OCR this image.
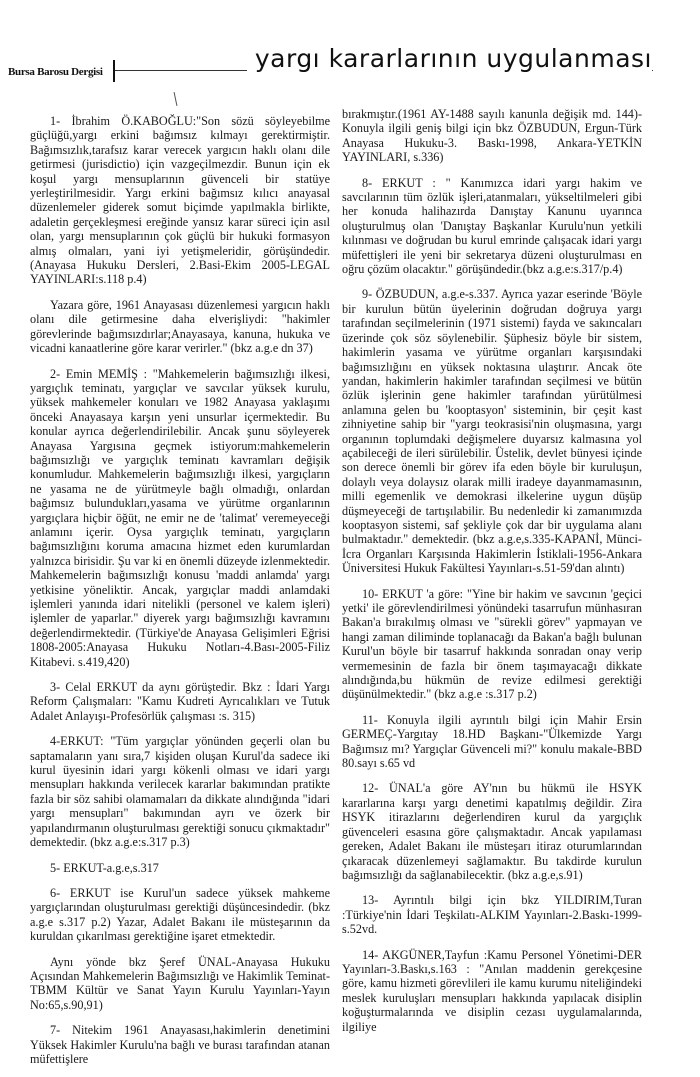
Bursa Barosu Dergisi	yargı kararlarının uygulanması

1- İbrahim Ö.KABOĞLU:"Son sözü söyleyebilme güçlüğü,yargı erkini bağımsız kılmayı gerektirmiştir. Bağımsızlık,tarafsız karar verecek yargıcın haklı olanı dile getirmesi (jurisdictio) için vazgeçilmezdir. Bunun için ek koşul yargı mensuplarının güvenceli bir statüye yerleştirilmesidir. Yargı erkini bağımsız kılıcı anayasal düzenlemeler giderek somut biçimde yapılmakla birlikte, adaletin gerçekleşmesi ereğinde yansız karar süreci için asıl olan, yargı mensuplarının çok güçlü bir hukuki formasyon almış olmaları, yani iyi yetişmeleridir, görüşündedir.(Anayasa Hukuku Dersleri, 2.Basi-Ekim 2005-LEGAL YAYINLARI:s.118 p.4)

Yazara göre, 1961 Anayasası düzenlemesi yargıcın haklı olanı dile getirmesine daha elverişliydi: "hakimler görevlerinde bağımsızdırlar;Anayasaya, kanuna, hukuka ve vicadni kanaatlerine göre karar verirler." (bkz a.g.e dn 37)

2- Emin MEMİŞ : "Mahkemelerin bağımsızlığı ilkesi, yargıçlık teminatı, yargıçlar ve savcılar yüksek kurulu, yüksek mahkemeler konuları ve 1982 Anayasa yaklaşımı önceki Anayasaya karşın yeni unsurlar içermektedir. Bu konular ayrıca değerlendirilebilir. Ancak şunu söyleyerek Anayasa Yargısına geçmek istiyorum:mahkemelerin bağımsızlığı ve yargıçlık teminatı kavramları değişik konumludur. Mahkemelerin bağımsızlığı ilkesi, yargıçların ne yasama ne de yürütmeyle bağlı olmadığı, onlardan bağımsız bulundukları,yasama ve yürütme organlarının yargıçlara hiçbir öğüt, ne emir ne de 'talimat' veremeyeceği anlamını içerir. Oysa yargıçlık teminatı, yargıçların bağımsızlığını koruma amacına hizmet eden kurumlardan yalnızca birisidir. Şu var ki en önemli düzeyde izlenmektedir. Mahkemelerin bağımsızlığı konusu 'maddi anlamda' yargı yetkisine yöneliktir. Ancak, yargıçlar maddi anlamdaki işlemleri yanında idari nitelikli (personel ve kalem işleri) işlemler de yaparlar." diyerek yargı bağımsızlığı kavramını değerlendirmektedir. (Türkiye'de Anayasa Gelişimleri Eğrisi 1808-2005:Anayasa Hukuku Notları-4.Bası-2005-Filiz Kitabevi. s.419,420)

3- Celal ERKUT da aynı görüştedir. Bkz : İdari Yargı Reform Çalışmaları: "Kamu Kudreti Ayrıcalıkları ve Tutuk Adalet Anlayışı-Profesörlük çalışması :s. 315)

4-ERKUT: "Tüm yargıçlar yönünden geçerli olan bu saptamaların yanı sıra,7 kişiden oluşan Kurul'da sadece iki kurul üyesinin idari yargı kökenli olması ve idari yargı mensupları hakkında verilecek kararlar bakımından pratikte fazla bir söz sahibi olamamaları da dikkate alındığında "idari yargı mensupları" bakımından ayrı ve özerk bir yapılandırmanın oluşturulması gerektiği sonucu çıkmaktadır" demektedir. (bkz a.g.e:s.317 p.3)

5- ERKUT-a.g.e,s.317

6- ERKUT ise Kurul'un sadece yüksek mahkeme yargıçlarından oluşturulması gerektiği düşüncesindedir. (bkz a.g.e s.317 p.2) Yazar, Adalet Bakanı ile müsteşarının da kuruldan çıkarılması gerektiğine işaret etmektedir.

Aynı yönde bkz Şeref ÜNAL-Anayasa Hukuku Açısından Mahkemelerin Bağımsızlığı ve Hakimlik Teminat-TBMM Kültür ve Sanat Yayın Kurulu Yayınları-Yayın No:65,s.90,91)

7- Nitekim 1961 Anayasası,hakimlerin denetimini Yüksek Hakimler Kurulu'na bağlı ve burası tarafından atanan müfettişlere

bırakmıştır.(1961 AY-1488 sayılı kanunla değişik md. 144)-Konuyla ilgili geniş bilgi için bkz ÖZBUDUN, Ergun-Türk Anayasa Hukuku-3. Baskı-1998, Ankara-YETKİN YAYINLARI, s.336)

8- ERKUT : " Kanımızca idari yargı hakim ve savcılarının tüm özlük işleri,atanmaları, yükseltilmeleri gibi her konuda halihazırda Danıştay Kanunu uyarınca oluşturulmuş olan 'Danıştay Başkanlar Kurulu'nun yetkili kılınması ve doğrudan bu kurul emrinde çalışacak idari yargı müfettişleri ile yeni bir sekretarya düzeni oluşturulması en oğru çözüm olacaktır." görüşündedir.(bkz a.g.e:s.317/p.4)

9- ÖZBUDUN, a.g.e-s.337. Ayrıca yazar eserinde 'Böyle bir kurulun bütün üyelerinin doğrudan doğruya yargı tarafından seçilmelerinin (1971 sistemi) fayda ve sakıncaları üzerinde çok söz söylenebilir. Şüphesiz böyle bir sistem, hakimlerin yasama ve yürütme organları karşısındaki bağımsızlığını en yüksek noktasına ulaştırır. Ancak öte yandan, hakimlerin hakimler tarafından seçilmesi ve bütün özlük işlerinin gene hakimler tarafından yürütülmesi anlamına gelen bu 'kooptasyon' sisteminin, bir çeşit kast zihniyetine sahip bir "yargı teokrasisi'nin oluşmasına, yargı organının toplumdaki değişmelere duyarsız kalmasına yol açabileceği de ileri sürülebilir. Üstelik, devlet bünyesi içinde son derece önemli bir görev ifa eden böyle bir kuruluşun, dolaylı veya dolaysız olarak milli iradeye dayanmamasının, milli egemenlik ve demokrasi ilkelerine uygun düşüp düşmeyeceği de tartışılabilir. Bu nedenledir ki zamanımızda kooptasyon sistemi, saf şekliyle çok dar bir uygulama alanı bulmaktadır." demektedir. (bkz a.g.e,s.335-KAPANİ, Münci-İcra Organları Karşısında Hakimlerin İstiklali-1956-Ankara Üniversitesi Hukuk Fakültesi Yayınları-s.51-59'dan alıntı)

10- ERKUT 'a göre: "Yine bir hakim ve savcının 'geçici yetki' ile görevlendirilmesi yönündeki tasarrufun münhasıran Bakan'a bırakılmış olması ve "sürekli görev" yapmayan ve hangi zaman diliminde toplanacağı da Bakan'a bağlı bulunan Kurul'un böyle bir tasarruf hakkında sonradan onay verip vermemesinin de fazla bir önem taşımayacağı dikkate alındığında,bu hükmün de revize edilmesi gerektiği düşünülmektedir." (bkz a.g.e :s.317 p.2)

11- Konuyla ilgili ayrıntılı bilgi için Mahir Ersin GERMEÇ-Yargıtay 18.HD Başkanı-"Ülkemizde Yargı Bağımsız mı? Yargıçlar Güvenceli mi?" konulu makale-BBD 80.sayı s.65 vd

12- ÜNAL'a göre AY'nın bu hükmü ile HSYK kararlarına karşı yargı denetimi kapatılmış değildir. Zira HSYK itirazlarını değerlendiren kurul da yargıçlık güvenceleri esasına göre çalışmaktadır. Ancak yapılaması gereken, Adalet Bakanı ile müsteşarı itiraz oturumlarından çıkaracak düzenlemeyi sağlamaktır. Bu takdirde kurulun bağımsızlığı da sağlanabilecektir. (bkz a.g.e,s.91)

13- Ayrıntılı bilgi için bkz YILDIRIM,Turan :Türkiye'nin İdari Teşkilatı-ALKIM Yayınları-2.Baskı-1999-s.52vd.

14- AKGÜNER,Tayfun :Kamu Personel Yönetimi-DER Yayınları-3.Baskı,s.163 : "Anılan maddenin gerekçesine göre, kamu hizmeti görevlileri ile kamu kurumu niteliğindeki meslek kuruluşları mensupları hakkında yapılacak disiplin koğuşturmalarında ve disiplin cezası uygulamalarında, ilgiliye
